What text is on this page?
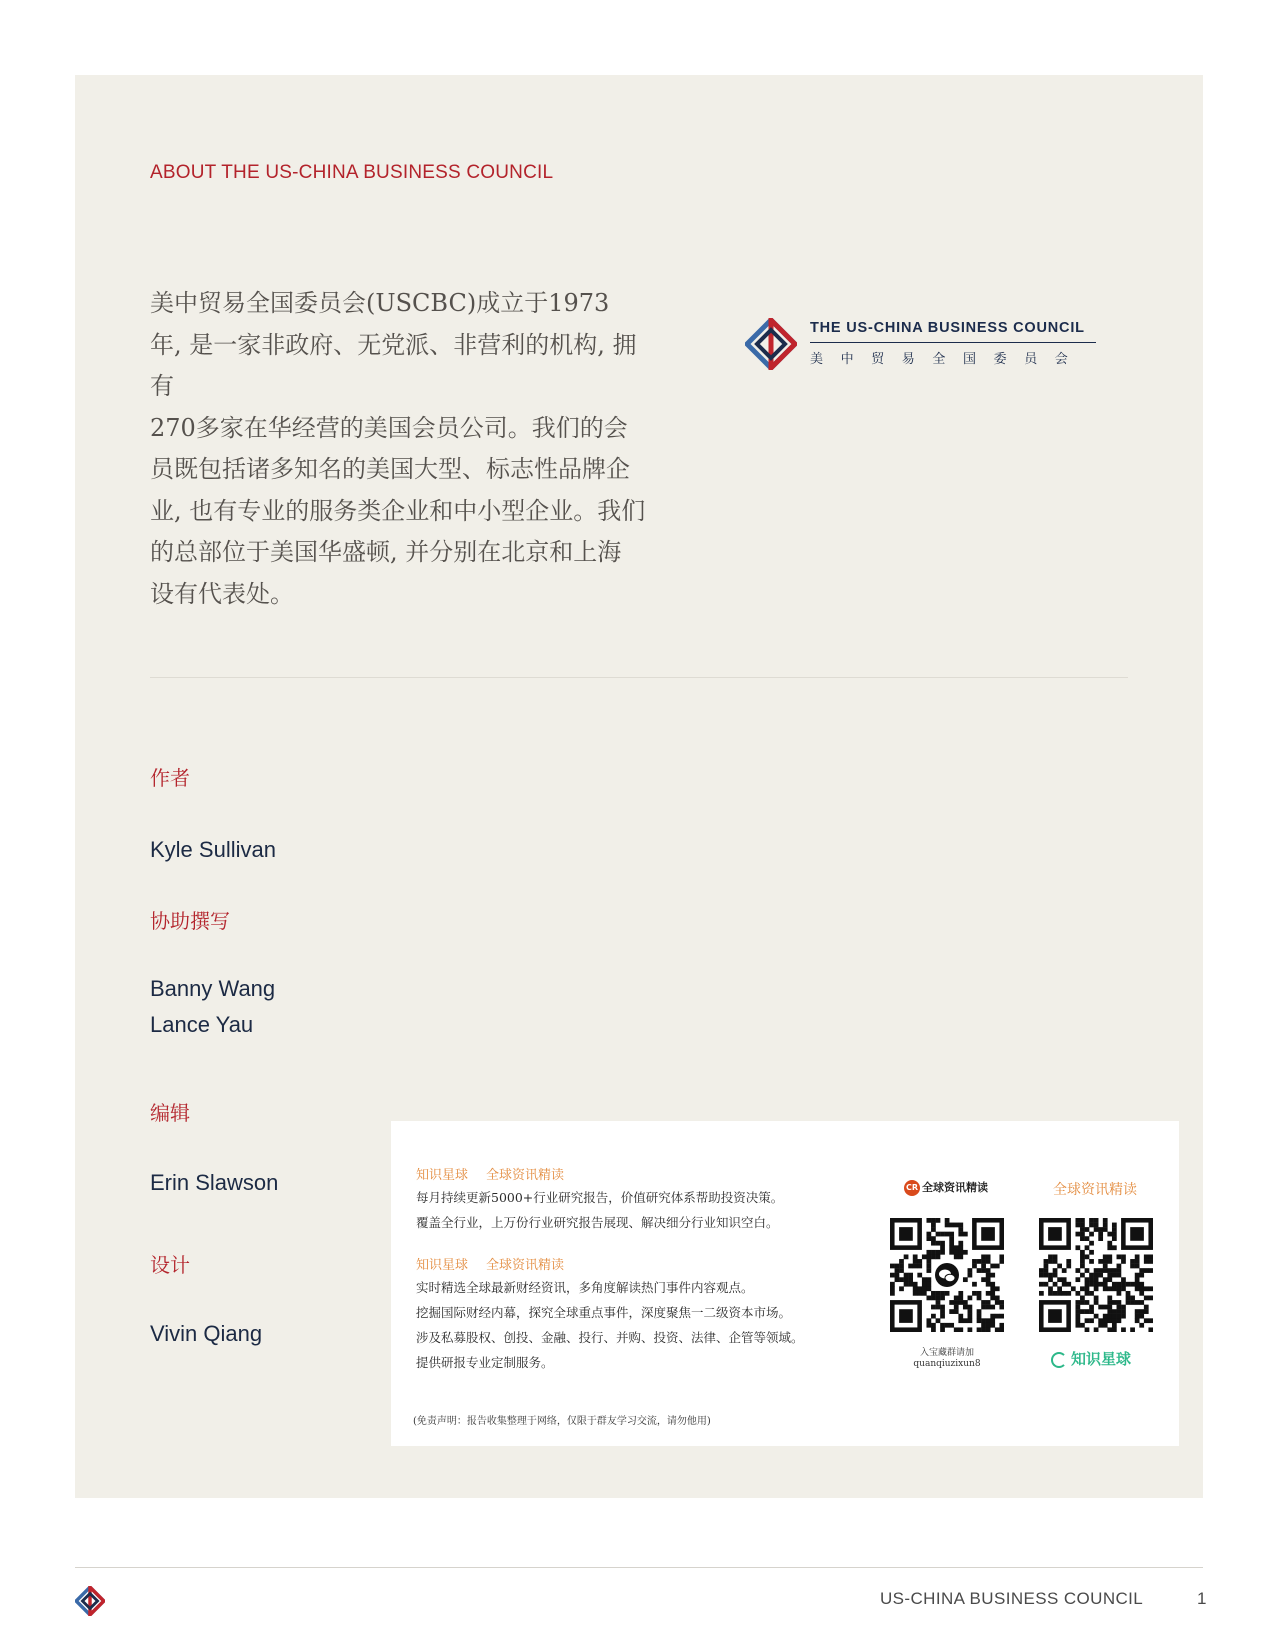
ABOUT THE US-CHINA BUSINESS COUNCIL

美中贸易全国委员会(USCBC)成立于1973
年, 是一家非政府、无党派、非营利的机构, 拥有
270多家在华经营的美国会员公司。我们的会
员既包括诸多知名的美国大型、标志性品牌企
业, 也有专业的服务类企业和中小型企业。我们
的总部位于美国华盛顿, 并分别在北京和上海
设有代表处。

THE US-CHINA BUSINESS COUNCIL
美中贸易全国委员会
作者
Kyle Sullivan
协助撰写
Banny Wang
Lance Yau
编辑
Erin Slawson
设计
Vivin Qiang
知识星球 全球资讯精读
每月持续更新5000+行业研究报告，价值研究体系帮助投资决策。
覆盖全行业，上万份行业研究报告展现、解决细分行业知识空白。
知识星球 全球资讯精读
实时精选全球最新财经资讯，多角度解读热门事件内容观点。
挖掘国际财经内幕，探究全球重点事件，深度聚焦一二级资本市场。
涉及私募股权、创投、金融、投行、并购、投资、法律、企管等领域。
提供研报专业定制服务。
(免责声明：报告收集整理于网络，仅限于群友学习交流，请勿他用)
CR 全球资讯精读
入宝藏群请加
quanqiuzixun8
全球资讯精读
知识星球
US-CHINA BUSINESS COUNCIL	1
